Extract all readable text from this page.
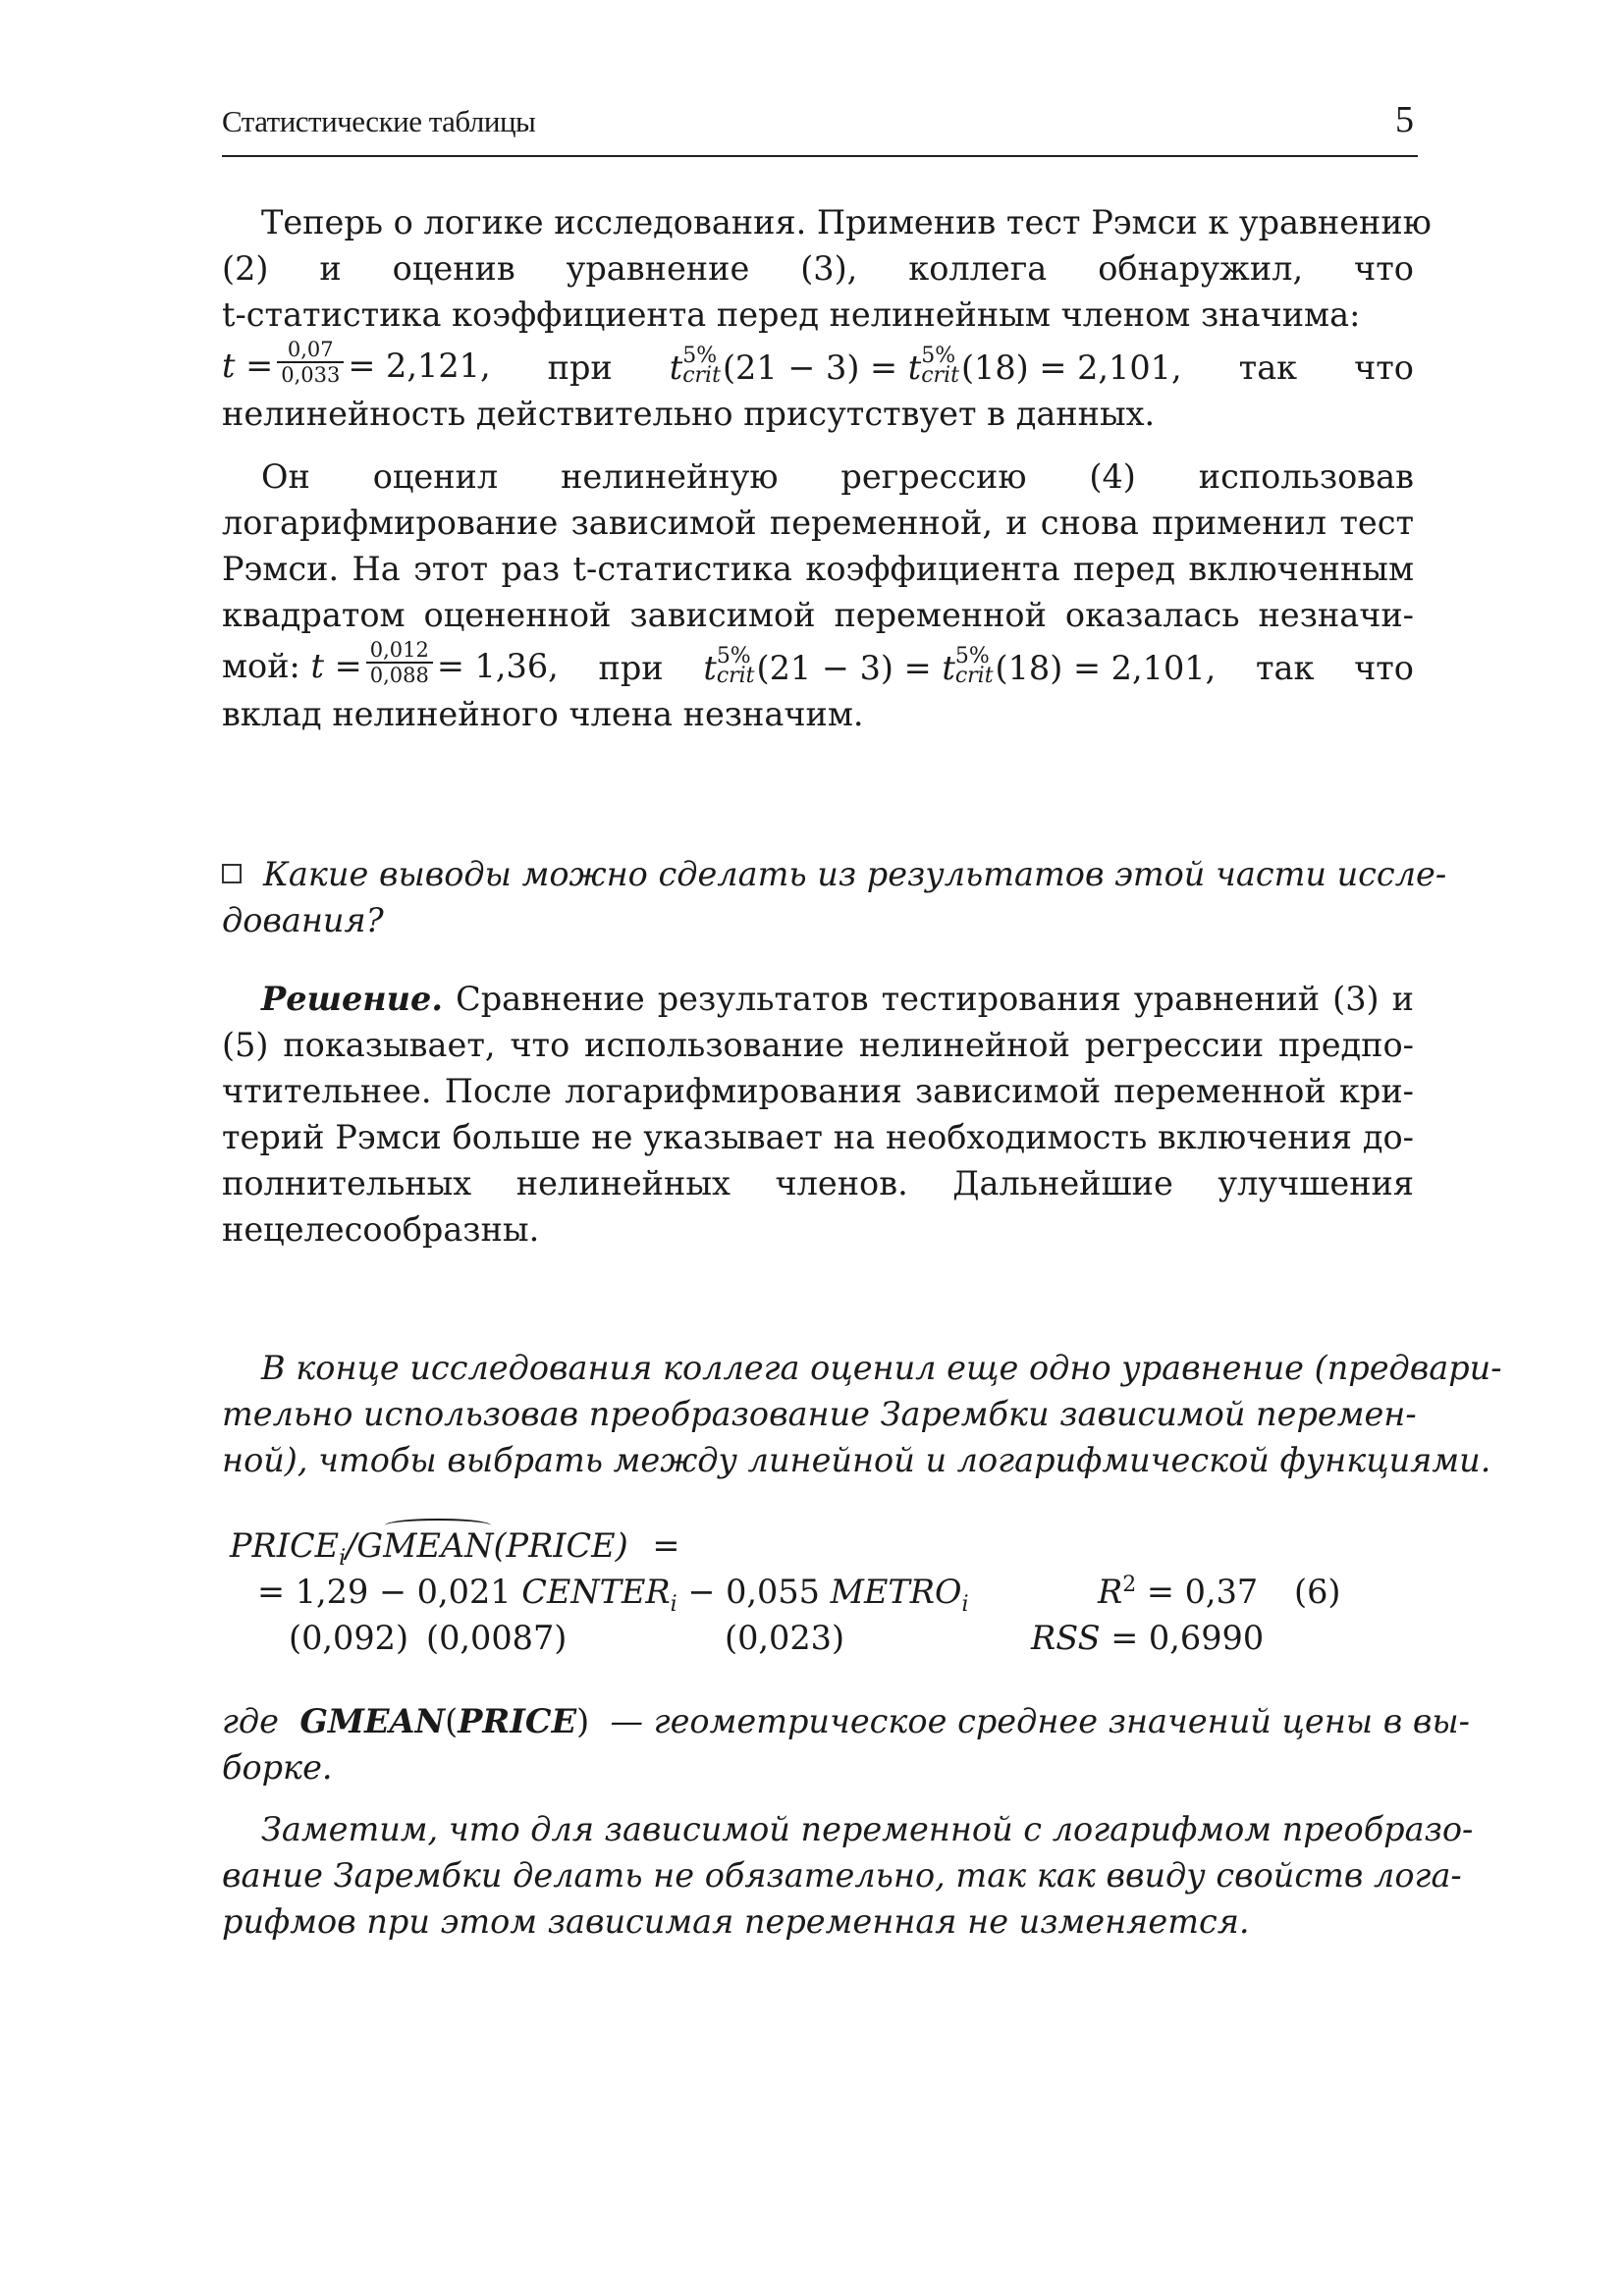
Статистические таблицы	5
Теперь о логике исследования. Применив тест Рэмси к уравнению
(2) и оценив уравнение (3), коллега обнаружил, что
t-статистика коэффициента перед нелинейным членом значима:
$t = \frac{0,07}{0,033} = 2,121$, при t 5%
crit (21 − 3) = t 5%
crit (18) = 2,101, так что
нелинейность действительно присутствует в данных.
Он оценил нелинейную регрессию (4) использовав
логарифмирование зависимой переменной, и снова применил тест
Рэмси. На этот раз t-статистика коэффициента перед включенным
квадратом оцененной зависимой переменной оказалась незначи-
мой: $t = \frac{0,012}{0,088} = 1,36$, при t 5%
crit (21 − 3) = t 5%
crit (18) = 2,101, так что
вклад нелинейного члена незначим.
Какие выводы можно сделать из результатов этой части иссле-
дования?
Решение. Сравнение результатов тестирования уравнений (3) и
(5) показывает, что использование нелинейной регрессии предпо-
чтительнее. После логарифмирования зависимой переменной кри-
терий Рэмси больше не указывает на необходимость включения до-
полнительных нелинейных членов. Дальнейшие улучшения
нецелесообразны.
В конце исследования коллега оценил еще одно уравнение (предвари-
тельно использовав преобразование Зарембки зависимой перемен-
ной), чтобы выбрать между линейной и логарифмической функциями.
$PRICE_i/GMEAN(PRICE)$ =
= 1,29 − 0,021 $CENTER_i - 0,055$ $METRO_i$	$R^2 = 0,37$ (6)
(0,092) (0,0087)	(0,023)	RSS = 0,6990
где GMEAN(PRICE) — геометрическое среднее значений цены в вы-
борке.
Заметим, что для зависимой переменной с логарифмом преобразо-
вание Зарембки делать не обязательно, так как ввиду свойств лога-
рифмов при этом зависимая переменная не изменяется.
